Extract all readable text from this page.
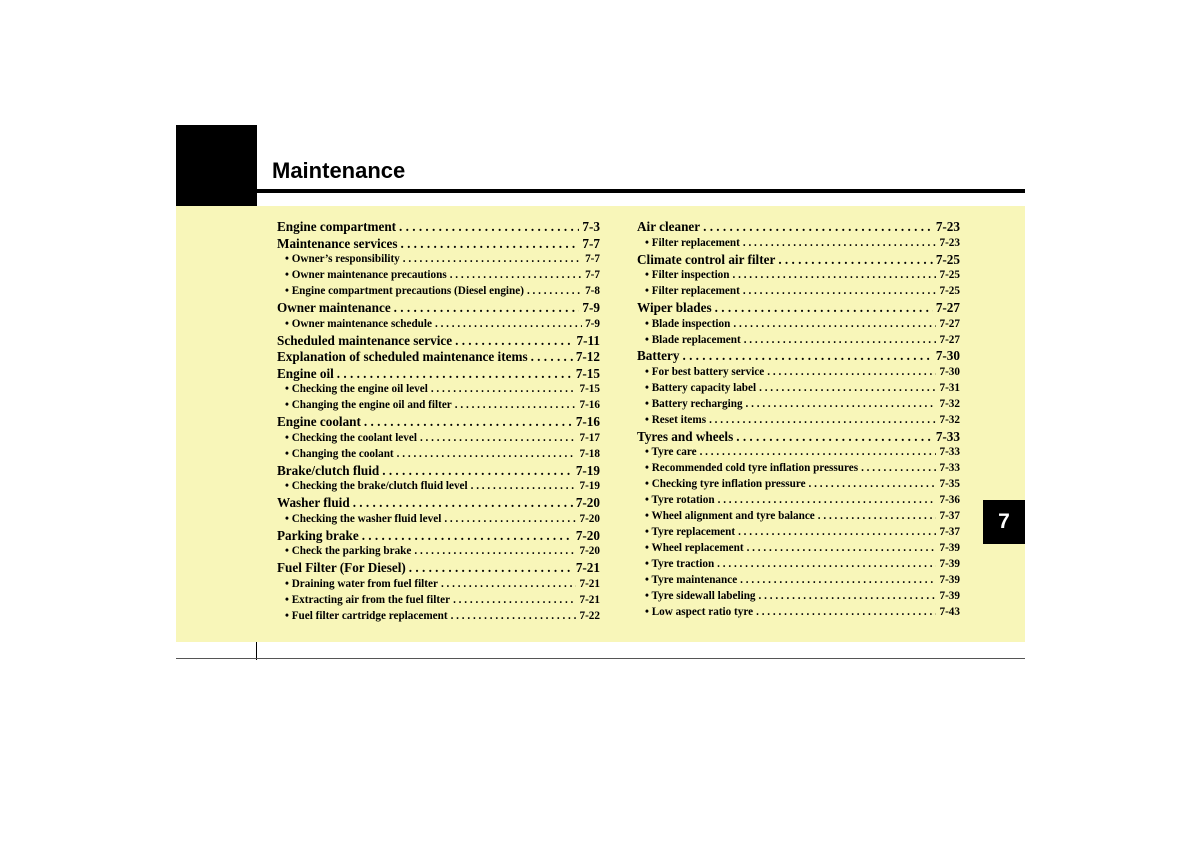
Maintenance
Engine compartment . . .	7-3
Maintenance services . . .	7-7
• Owner’s responsibility . . .	7-7
• Owner maintenance precautions . . .	7-7
• Engine compartment precautions (Diesel engine) . . .	7-8
Owner maintenance . . .	7-9
• Owner maintenance schedule . . .	7-9
Scheduled maintenance service . . .	7-11
Explanation of scheduled maintenance items . . .	7-12
Engine oil . . .	7-15
• Checking the engine oil level . . .	7-15
• Changing the engine oil and filter . . .	7-16
Engine coolant . . .	7-16
• Checking the coolant level . . .	7-17
• Changing the coolant . . .	7-18
Brake/clutch fluid . . .	7-19
• Checking the brake/clutch fluid level . . .	7-19
Washer fluid . . .	7-20
• Checking the washer fluid level . . .	7-20
Parking brake . . .	7-20
• Check the parking brake . . .	7-20
Fuel Filter (For Diesel) . . .	7-21
• Draining water from fuel filter . . .	7-21
• Extracting air from the fuel filter . . .	7-21
• Fuel filter cartridge replacement . . .	7-22
Air cleaner . . .	7-23
• Filter replacement . . .	7-23
Climate control air filter . . .	7-25
• Filter inspection . . .	7-25
• Filter replacement . . .	7-25
Wiper blades . . .	7-27
• Blade inspection . . .	7-27
• Blade replacement . . .	7-27
Battery . . .	7-30
• For best battery service . . .	7-30
• Battery capacity label . . .	7-31
• Battery recharging . . .	7-32
• Reset items . . .	7-32
Tyres and wheels . . .	7-33
• Tyre care . . .	7-33
• Recommended cold tyre inflation pressures . . .	7-33
• Checking tyre inflation pressure . . .	7-35
• Tyre rotation . . .	7-36
• Wheel alignment and tyre balance . . .	7-37
• Tyre replacement . . .	7-37
• Wheel replacement . . .	7-39
• Tyre traction . . .	7-39
• Tyre maintenance . . .	7-39
• Tyre sidewall labeling . . .	7-39
• Low aspect ratio tyre . . .	7-43
7
